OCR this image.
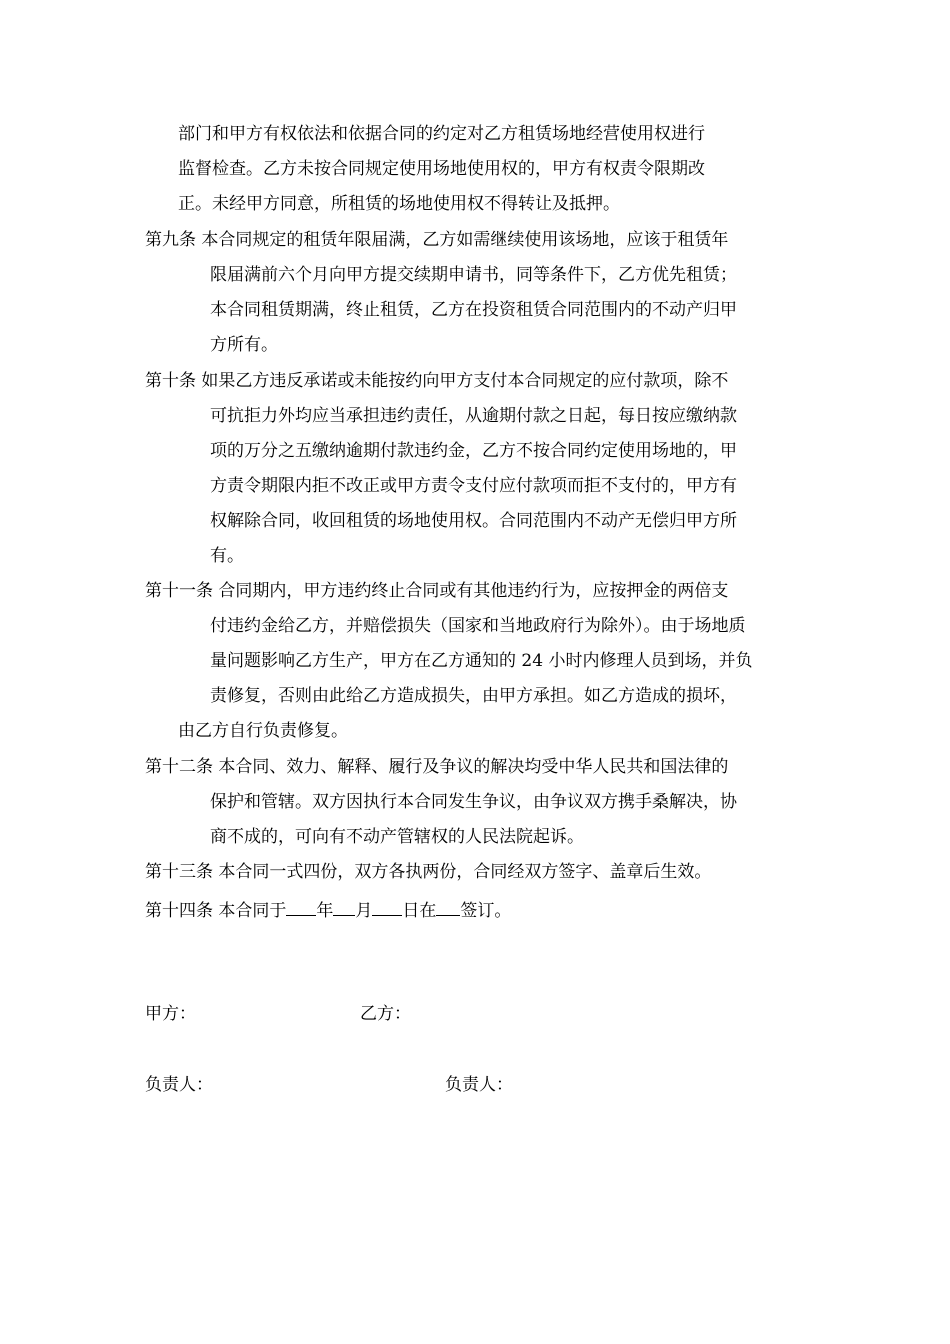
部门和甲方有权依法和依据合同的约定对乙方租赁场地经营使用权进行
监督检查。乙方未按合同规定使用场地使用权的，甲方有权责令限期改
正。未经甲方同意，所租赁的场地使用权不得转让及抵押。
第九条 本合同规定的租赁年限届满，乙方如需继续使用该场地，应该于租赁年
限届满前六个月向甲方提交续期申请书，同等条件下，乙方优先租赁；
本合同租赁期满，终止租赁，乙方在投资租赁合同范围内的不动产归甲
方所有。
第十条 如果乙方违反承诺或未能按约向甲方支付本合同规定的应付款项，除不
可抗拒力外均应当承担违约责任，从逾期付款之日起，每日按应缴纳款
项的万分之五缴纳逾期付款违约金，乙方不按合同约定使用场地的，甲
方责令期限内拒不改正或甲方责令支付应付款项而拒不支付的，甲方有
权解除合同，收回租赁的场地使用权。合同范围内不动产无偿归甲方所
有。
第十一条 合同期内，甲方违约终止合同或有其他违约行为，应按押金的两倍支
付违约金给乙方，并赔偿损失（国家和当地政府行为除外）。由于场地质
量问题影响乙方生产，甲方在乙方通知的 24 小时内修理人员到场，并负
责修复，否则由此给乙方造成损失，由甲方承担。如乙方造成的损坏，
由乙方自行负责修复。
第十二条 本合同、效力、解释、履行及争议的解决均受中华人民共和国法律的
保护和管辖。双方因执行本合同发生争议，由争议双方携手桑解决，协
商不成的，可向有不动产管辖权的人民法院起诉。
第十三条 本合同一式四份，双方各执两份，合同经双方签字、盖章后生效。
第十四条 本合同于 年 月 日在 签订。
甲方：	乙方：
负责人：	负责人：
